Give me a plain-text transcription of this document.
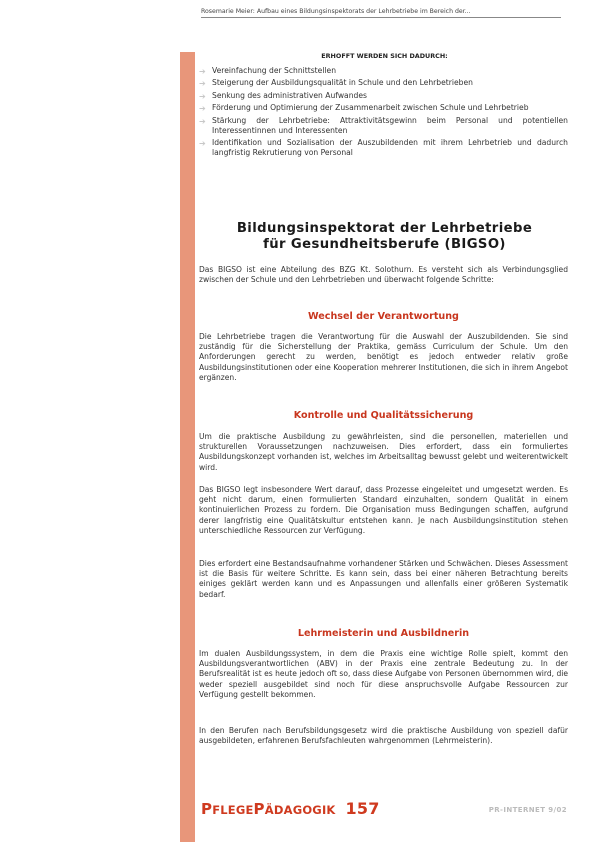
Rosemarie Meier: Aufbau eines Bildungsinspektorats der Lehrbetriebe im Bereich der...
ERHOFFT WERDEN SICH DADURCH:
➔ Vereinfachung der Schnittstellen
➔ Steigerung der Ausbildungsqualität in Schule und den Lehrbetrieben
➔ Senkung des administrativen Aufwandes
➔ Förderung und Optimierung der Zusammenarbeit zwischen Schule und Lehrbetrieb
➔ Stärkung der Lehrbetriebe: Attraktivitätsgewinn beim Personal und potentiellen Interessentinnen und Interessenten
➔ Identifikation und Sozialisation der Auszubildenden mit ihrem Lehrbetrieb und dadurch langfristig Rekrutierung von Personal
Bildungsinspektorat der Lehrbetriebe
für Gesundheitsberufe (BIGSO)

Das BIGSO ist eine Abteilung des BZG Kt. Solothurn. Es versteht sich als Verbindungsglied zwischen der Schule und den Lehrbetrieben und überwacht folgende Schritte:

Wechsel der Verantwortung

Die Lehrbetriebe tragen die Verantwortung für die Auswahl der Auszubildenden. Sie sind zuständig für die Sicherstellung der Praktika, gemäss Curriculum der Schule. Um den Anforderungen gerecht zu werden, benötigt es jedoch entweder relativ große Ausbildungsinstitutionen oder eine Kooperation mehrerer Institutionen, die sich in ihrem Angebot ergänzen.

Kontrolle und Qualitätssicherung

Um die praktische Ausbildung zu gewährleisten, sind die personellen, materiellen und strukturellen Voraussetzungen nachzuweisen. Dies erfordert, dass ein formuliertes Ausbildungskonzept vorhanden ist, welches im Arbeitsalltag bewusst gelebt und weiterentwickelt wird.

Das BIGSO legt insbesondere Wert darauf, dass Prozesse eingeleitet und umgesetzt werden. Es geht nicht darum, einen formulierten Standard einzuhalten, sondern Qualität in einem kontinuierlichen Prozess zu fordern. Die Organisation muss Bedingungen schaffen, aufgrund derer langfristig eine Qualitätskultur entstehen kann. Je nach Ausbildungsinstitution stehen unterschiedliche Ressourcen zur Verfügung.

Dies erfordert eine Bestandsaufnahme vorhandener Stärken und Schwächen. Dieses Assessment ist die Basis für weitere Schritte. Es kann sein, dass bei einer näheren Betrachtung bereits einiges geklärt werden kann und es Anpassungen und allenfalls einer größeren Systematik bedarf.

Lehrmeisterin und Ausbildnerin

Im dualen Ausbildungssystem, in dem die Praxis eine wichtige Rolle spielt, kommt den Ausbildungsverantwortlichen (ABV) in der Praxis eine zentrale Bedeutung zu. In der Berufsrealität ist es heute jedoch oft so, dass diese Aufgabe von Personen übernommen wird, die weder speziell ausgebildet sind noch für diese anspruchsvolle Aufgabe Ressourcen zur Verfügung gestellt bekommen.

In den Berufen nach Berufsbildungsgesetz wird die praktische Ausbildung von speziell dafür ausgebildeten, erfahrenen Berufsfachleuten wahrgenommen (Lehrmeisterin).

PFLEGEPÄDAGOGIK 157	PR-INTERNET 9/02
